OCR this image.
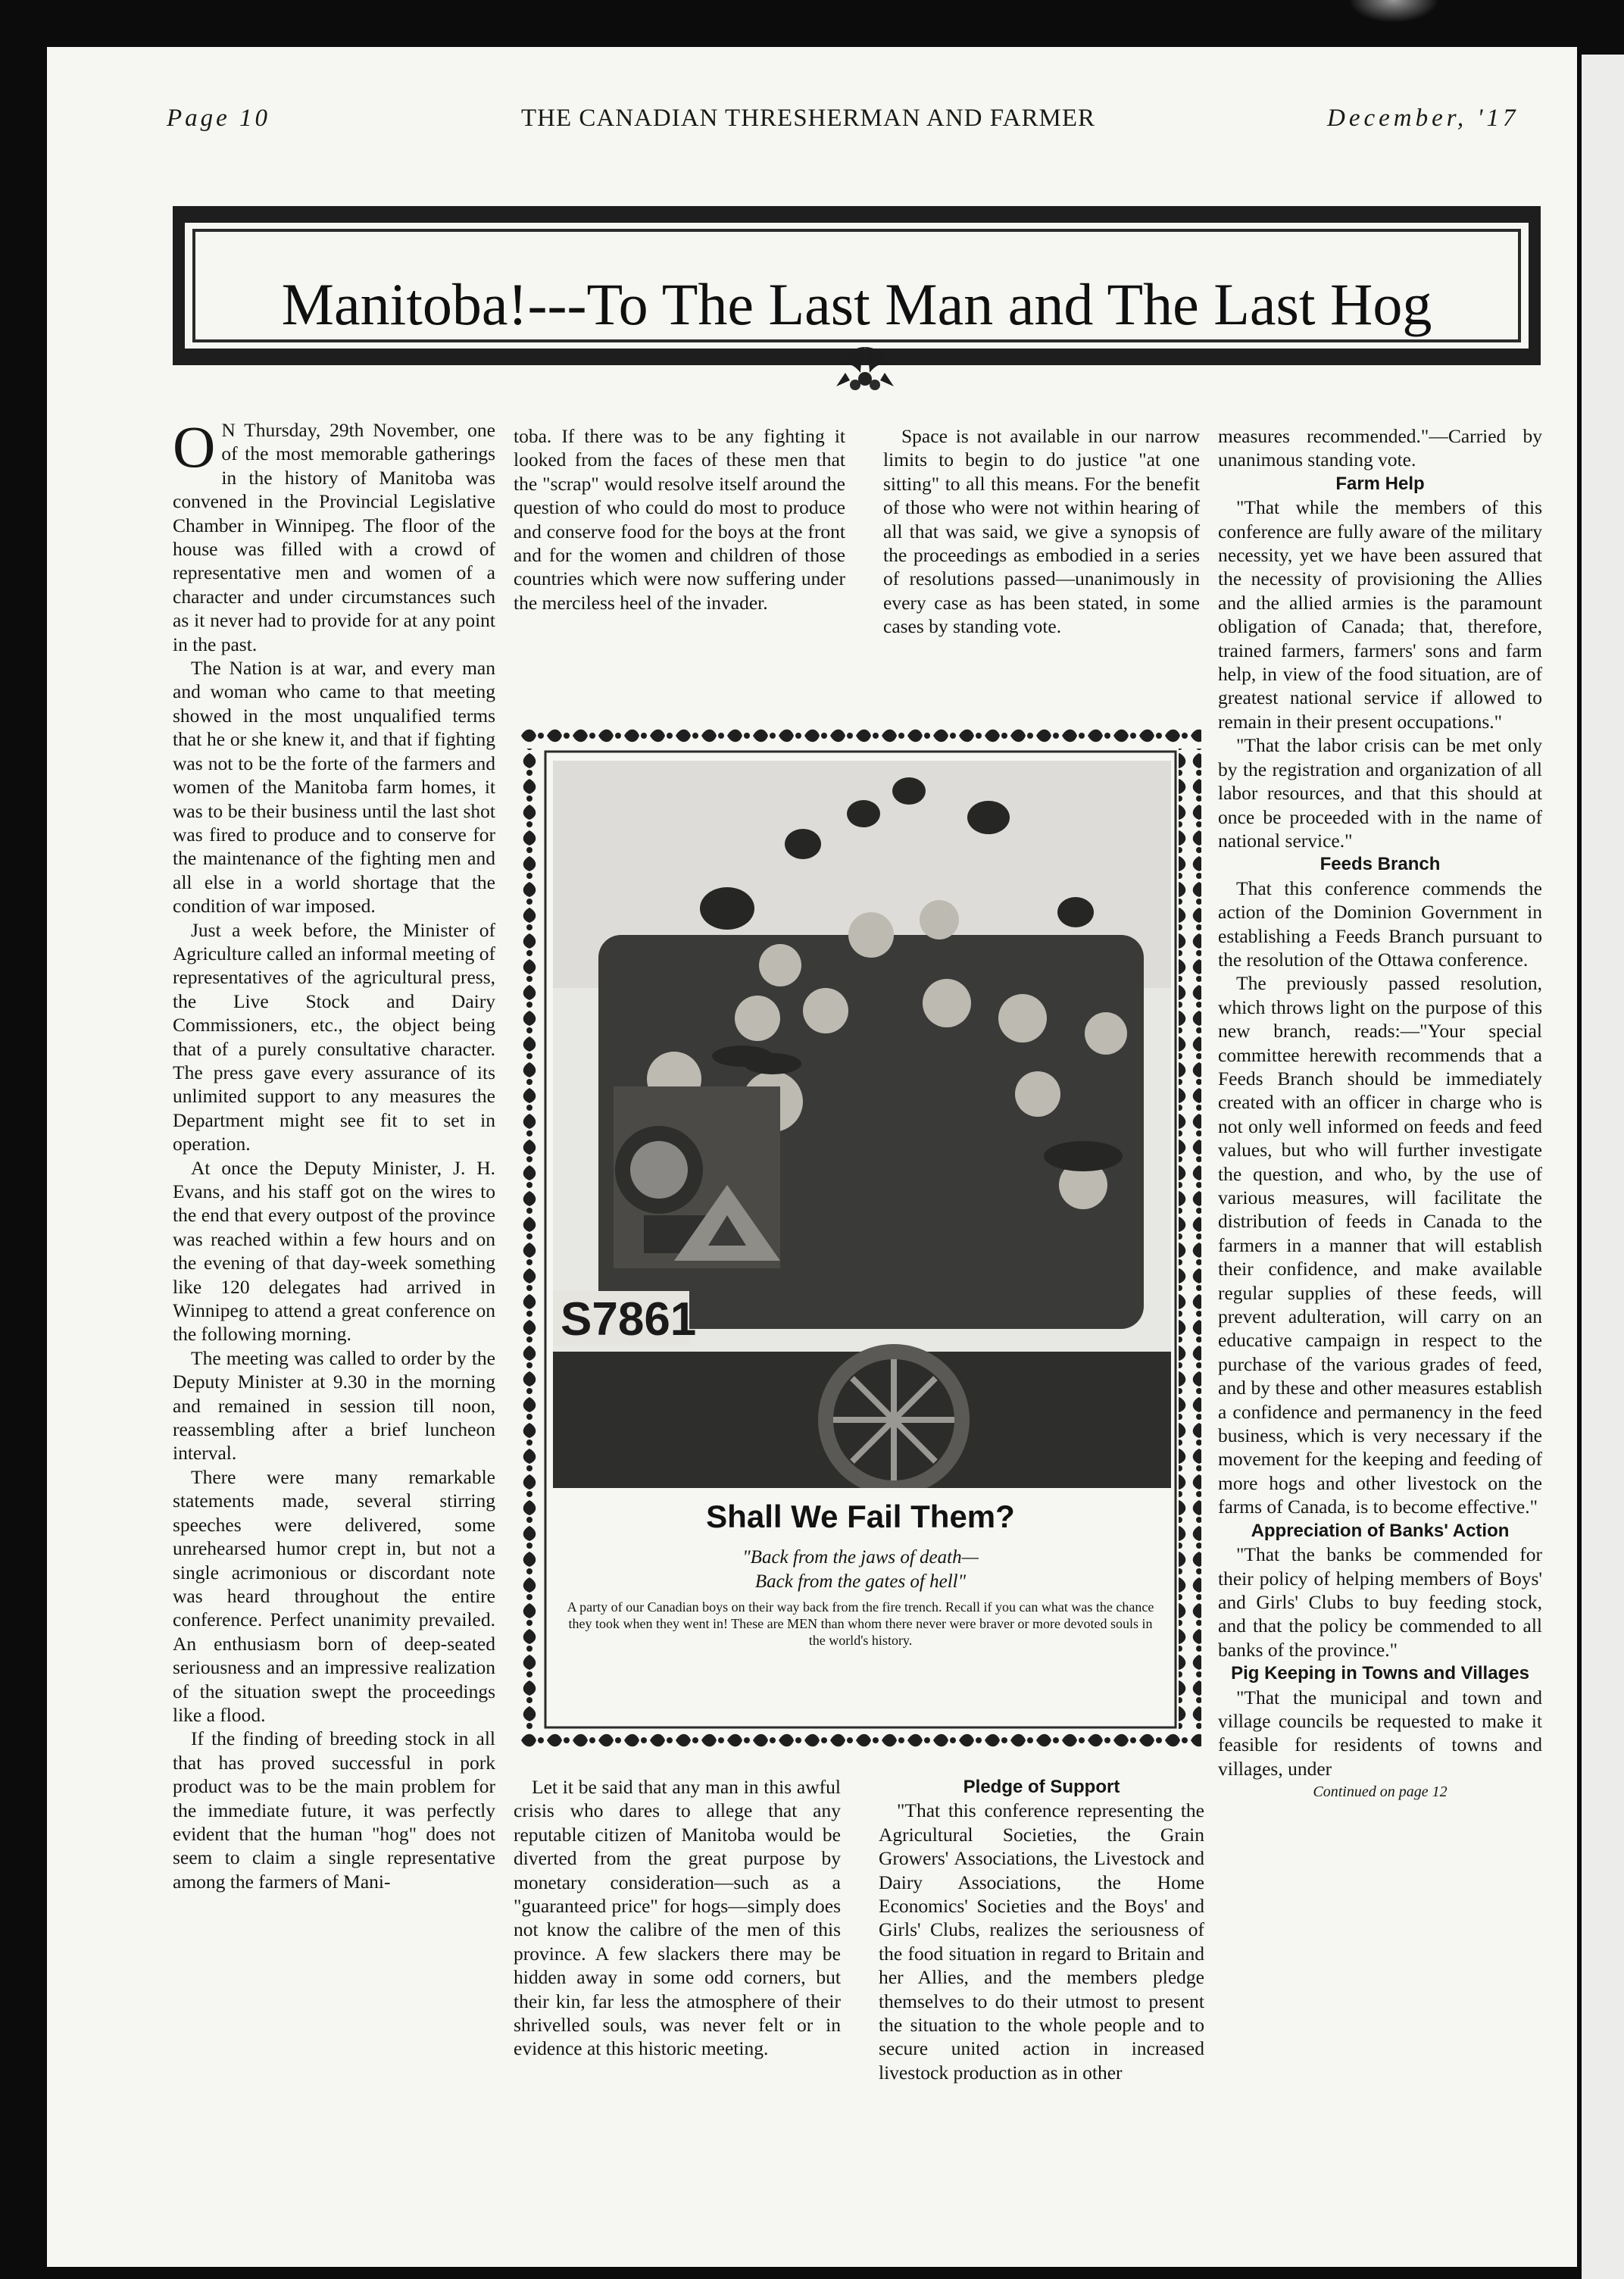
Page 10	THE CANADIAN THRESHERMAN AND FARMER	December, '17
Manitoba!---To The Last Man and The Last Hog

O N Thursday, 29th November, one of the most memorable gatherings in the history of Manitoba was convened in the Provincial Legislative Chamber in Winnipeg. The floor of the house was filled with a crowd of representative men and women of a character and under circumstances such as it never had to provide for at any point in the past.

The Nation is at war, and every man and woman who came to that meeting showed in the most unqualified terms that he or she knew it, and that if fighting was not to be the forte of the farmers and women of the Manitoba farm homes, it was to be their business until the last shot was fired to produce and to conserve for the maintenance of the fighting men and all else in a world shortage that the condition of war imposed.

Just a week before, the Minister of Agriculture called an informal meeting of representatives of the agricultural press, the Live Stock and Dairy Commissioners, etc., the object being that of a purely consultative character. The press gave every assurance of its unlimited support to any measures the Department might see fit to set in operation.

At once the Deputy Minister, J. H. Evans, and his staff got on the wires to the end that every outpost of the province was reached within a few hours and on the evening of that day-week something like 120 delegates had arrived in Winnipeg to attend a great conference on the following morning.

The meeting was called to order by the Deputy Minister at 9.30 in the morning and remained in session till noon, reassembling after a brief luncheon interval.

There were many remarkable statements made, several stirring speeches were delivered, some unrehearsed humor crept in, but not a single acrimonious or discordant note was heard throughout the entire conference. Perfect unanimity prevailed. An enthusiasm born of deep-seated seriousness and an impressive realization of the situation swept the proceedings like a flood.

If the finding of breeding stock in all that has proved successful in pork product was to be the main problem for the immediate future, it was perfectly evident that the human "hog" does not seem to claim a single representative among the farmers of Mani-

toba. If there was to be any fighting it looked from the faces of these men that the "scrap" would resolve itself around the question of who could do most to produce and conserve food for the boys at the front and for the women and children of those countries which were now suffering under the merciless heel of the invader.

Space is not available in our narrow limits to begin to do justice "at one sitting" to all this means. For the benefit of those who were not within hearing of all that was said, we give a synopsis of the proceedings as embodied in a series of resolutions passed—unanimously in every case as has been stated, in some cases by standing vote.

measures recommended."—Carried by unanimous standing vote.

Farm Help

"That while the members of this conference are fully aware of the military necessity, yet we have been assured that the necessity of provisioning the Allies and the allied armies is the paramount obligation of Canada; that, therefore, trained farmers, farmers' sons and farm help, in view of the food situation, are of greatest national service if allowed to remain in their present occupations."

"That the labor crisis can be met only by the registration and organization of all labor resources, and that this should at once be proceeded with in the name of national service."

Feeds Branch

That this conference commends the action of the Dominion Government in establishing a Feeds Branch pursuant to the resolution of the Ottawa conference.

The previously passed resolution, which throws light on the purpose of this new branch, reads:—"Your special committee herewith recommends that a Feeds Branch should be immediately created with an officer in charge who is not only well informed on feeds and feed values, but who will further investigate the question, and who, by the use of various measures, will facilitate the distribution of feeds in Canada to the farmers in a manner that will establish their confidence, and make available regular supplies of these feeds, will prevent adulteration, will carry on an educative campaign in respect to the purchase of the various grades of feed, and by these and other measures establish a confidence and permanency in the feed business, which is very necessary if the movement for the keeping and feeding of more hogs and other livestock on the farms of Canada, is to become effective."

Appreciation of Banks' Action

"That the banks be commended for their policy of helping members of Boys' and Girls' Clubs to buy feeding stock, and that the policy be commended to all banks of the province."

Pig Keeping in Towns and Villages

"That the municipal and town and village councils be requested to make it feasible for residents of towns and villages, under

Continued on page 12

S7861
Shall We Fail Them?
"Back from the jaws of death—
Back from the gates of hell"
A party of our Canadian boys on their way back from the fire trench. Recall if you can what was the chance they took when they went in! These are MEN than whom there never were braver or more devoted souls in the world's history.

Let it be said that any man in this awful crisis who dares to allege that any reputable citizen of Manitoba would be diverted from the great purpose by monetary consideration—such as a "guaranteed price" for hogs—simply does not know the calibre of the men of this province. A few slackers there may be hidden away in some odd corners, but their kin, far less the atmosphere of their shrivelled souls, was never felt or in evidence at this historic meeting.

Pledge of Support

"That this conference representing the Agricultural Societies, the Grain Growers' Associations, the Livestock and Dairy Associations, the Home Economics' Societies and the Boys' and Girls' Clubs, realizes the seriousness of the food situation in regard to Britain and her Allies, and the members pledge themselves to do their utmost to present the situation to the whole people and to secure united action in increased livestock production as in other
